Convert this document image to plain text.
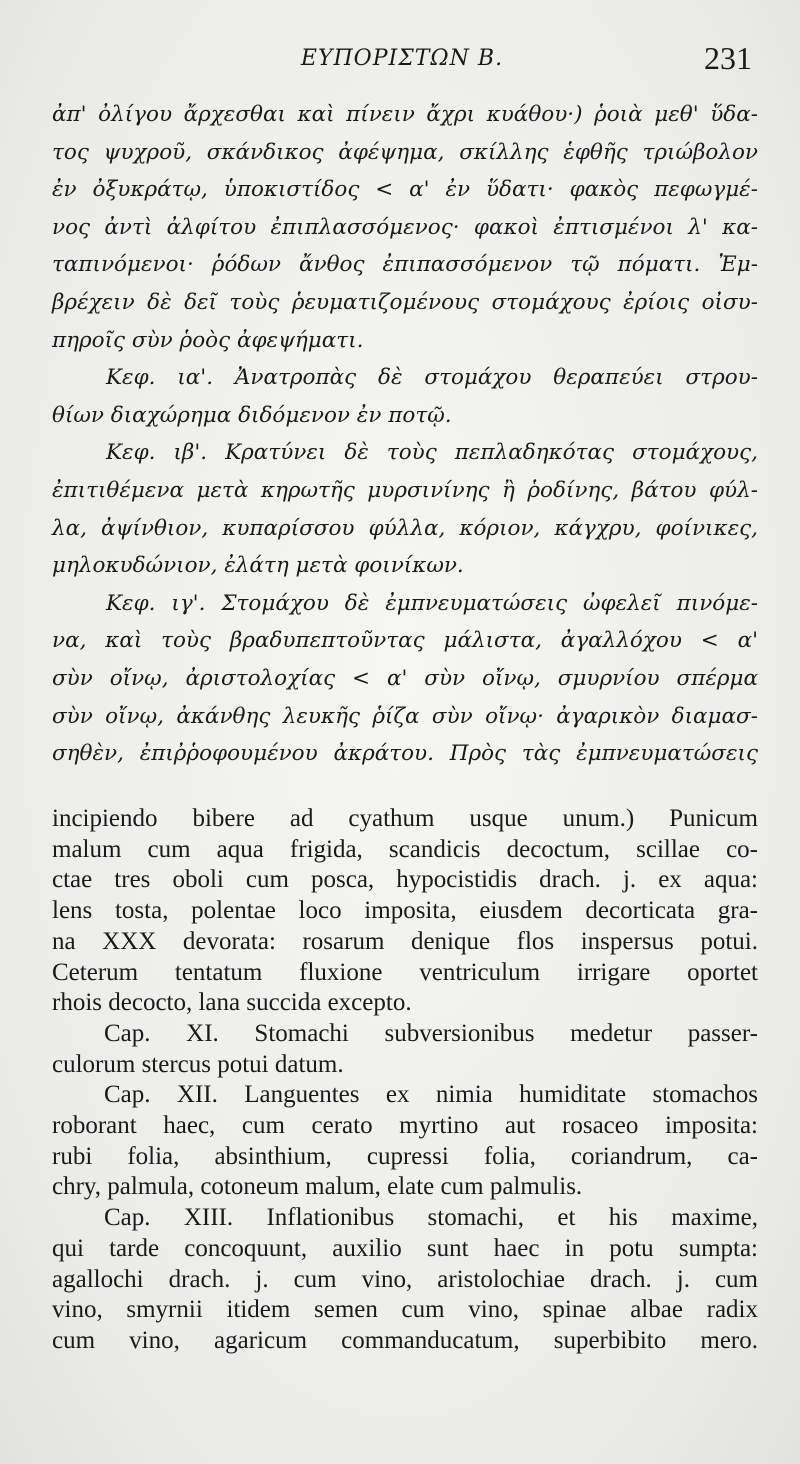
ΕΥΠΟΡΙΣΤΩΝ Β.	231
ἀπ' ὀλίγου ἄρχεσθαι καὶ πίνειν ἄχρι κυάθου·) ῥοιὰ μεθ' ὕδα-
τος ψυχροῦ, σκάνδικος ἀφέψημα, σκίλλης ἑφθῆς τριώβολον
ἐν ὀξυκράτῳ, ὑποκιστίδος < α' ἐν ὕδατι· φακὸς πεφωγμέ-
νος ἀντὶ ἀλφίτου ἐπιπλασσόμενος· φακοὶ ἐπτισμένοι λ' κα-
ταπινόμενοι· ῥόδων ἄνθος ἐπιπασσόμενον τῷ πόματι. Ἐμ-
βρέχειν δὲ δεῖ τοὺς ῥευματιζομένους στομάχους ἐρίοις οἰσυ-
πηροῖς σὺν ῥοὸς ἀφεψήματι.
Κεφ. ια'. Ἀνατροπὰς δὲ στομάχου θεραπεύει στρου-
θίων διαχώρημα διδόμενον ἐν ποτῷ.
Κεφ. ιβ'. Κρατύνει δὲ τοὺς πεπλαδηκότας στομάχους,
ἐπιτιθέμενα μετὰ κηρωτῆς μυρσινίνης ἢ ῥοδίνης, βάτου φύλ-
λα, ἀψίνθιον, κυπαρίσσου φύλλα, κόριον, κάγχρυ, φοίνικες,
μηλοκυδώνιον, ἐλάτη μετὰ φοινίκων.
Κεφ. ιγ'. Στομάχου δὲ ἐμπνευματώσεις ὠφελεῖ πινόμε-
να, καὶ τοὺς βραδυπεπτοῦντας μάλιστα, ἀγαλλόχου < α'
σὺν οἴνῳ, ἀριστολοχίας < α' σὺν οἴνῳ, σμυρνίου σπέρμα
σὺν οἴνῳ, ἀκάνθης λευκῆς ῥίζα σὺν οἴνῳ· ἀγαρικὸν διαμασ-
σηθὲν, ἐπιῤῥοφουμένου ἀκράτου. Πρὸς τὰς ἐμπνευματώσεις
incipiendo bibere ad cyathum usque unum.) Punicum
malum cum aqua frigida, scandicis decoctum, scillae co-
ctae tres oboli cum posca, hypocistidis drach. j. ex aqua:
lens tosta, polentae loco imposita, eiusdem decorticata gra-
na XXX devorata: rosarum denique flos inspersus potui.
Ceterum tentatum fluxione ventriculum irrigare oportet
rhois decocto, lana succida excepto.
Cap. XI. Stomachi subversionibus medetur passer-
culorum stercus potui datum.
Cap. XII. Languentes ex nimia humiditate stomachos
roborant haec, cum cerato myrtino aut rosaceo imposita:
rubi folia, absinthium, cupressi folia, coriandrum, ca-
chry, palmula, cotoneum malum, elate cum palmulis.
Cap. XIII. Inflationibus stomachi, et his maxime,
qui tarde concoquunt, auxilio sunt haec in potu sumpta:
agallochi drach. j. cum vino, aristolochiae drach. j. cum
vino, smyrnii itidem semen cum vino, spinae albae radix
cum vino, agaricum commanducatum, superbibito mero.
